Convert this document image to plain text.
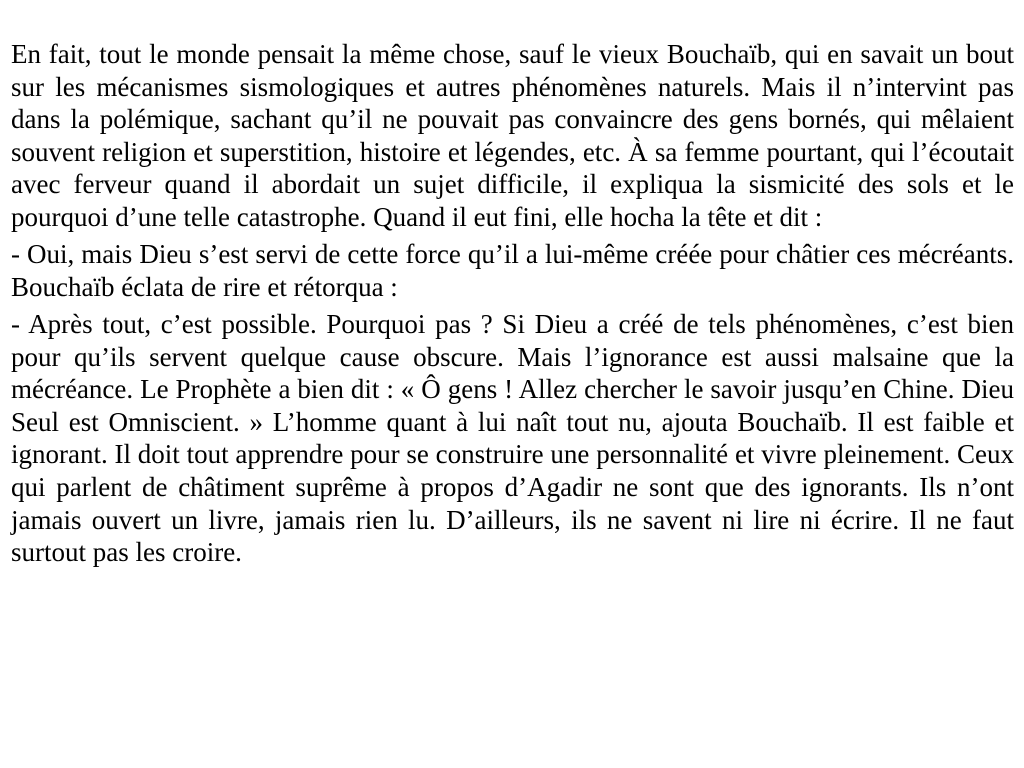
En fait, tout le monde pensait la même chose, sauf le vieux Bouchaïb, qui en savait un bout sur les mécanismes sismologiques et autres phénomènes naturels. Mais il n’intervint pas dans la polémique, sachant qu’il ne pouvait pas convaincre des gens bornés, qui mêlaient souvent religion et superstition, histoire et légendes, etc. À sa femme pourtant, qui l’écoutait avec ferveur quand il abordait un sujet difficile, il expliqua la sismicité des sols et le pourquoi d’une telle catastrophe. Quand il eut fini, elle hocha la tête et dit :

- Oui, mais Dieu s’est servi de cette force qu’il a lui-même créée pour châtier ces mécréants. Bouchaïb éclata de rire et rétorqua :

- Après tout, c’est possible. Pourquoi pas ? Si Dieu a créé de tels phénomènes, c’est bien pour qu’ils servent quelque cause obscure. Mais l’ignorance est aussi malsaine que la mécréance. Le Prophète a bien dit : « Ô gens ! Allez chercher le savoir jusqu’en Chine. Dieu Seul est Omniscient. » L’homme quant à lui naît tout nu, ajouta Bouchaïb. Il est faible et ignorant. Il doit tout apprendre pour se construire une personnalité et vivre pleinement. Ceux qui parlent de châtiment suprême à propos d’Agadir ne sont que des ignorants. Ils n’ont jamais ouvert un livre, jamais rien lu. D’ailleurs, ils ne savent ni lire ni écrire. Il ne faut surtout pas les croire.
